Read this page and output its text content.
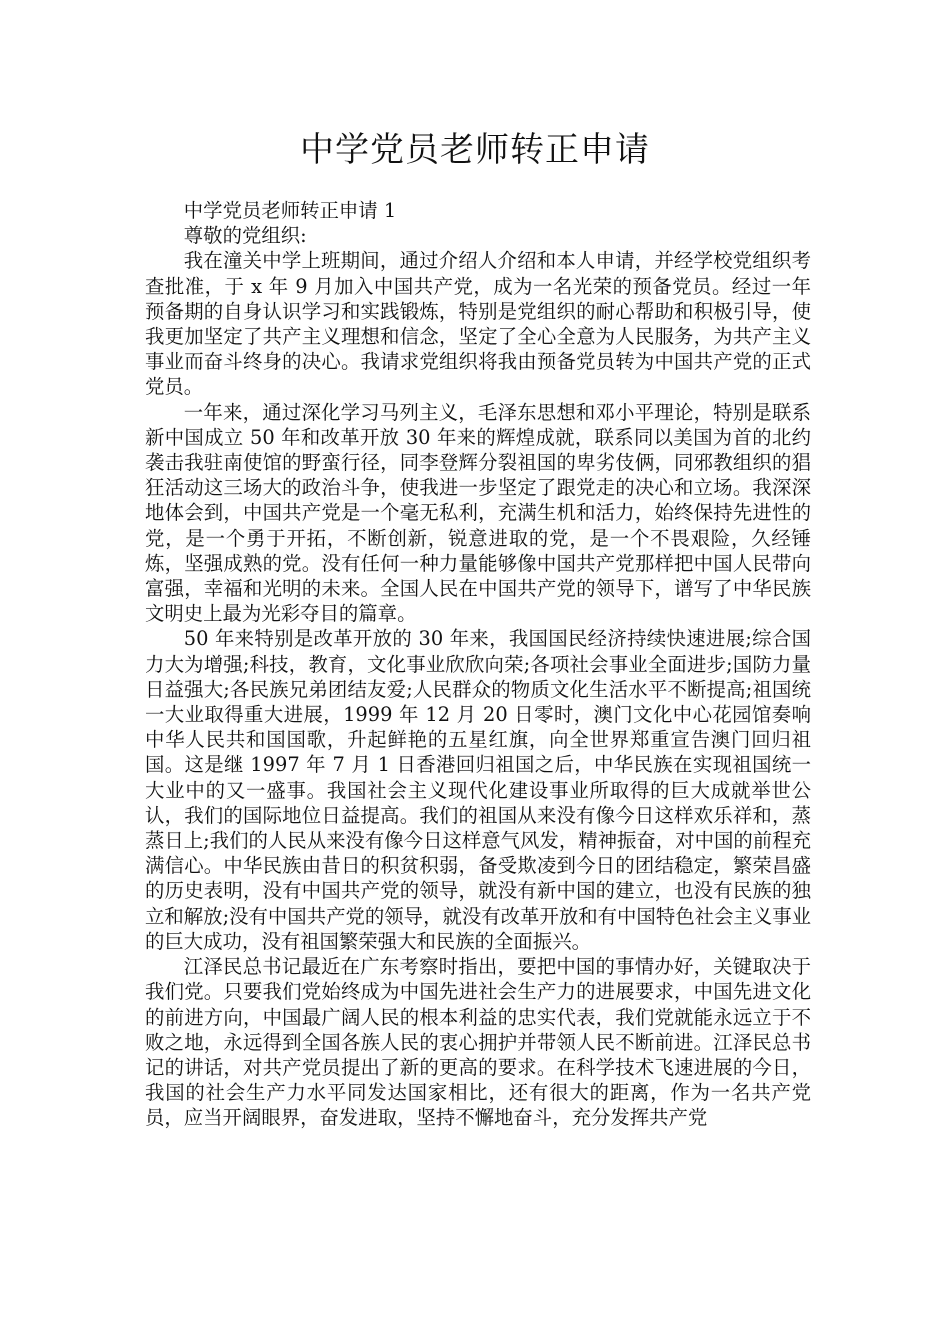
中学党员老师转正申请

中学党员老师转正申请 1

尊敬的党组织:

我在潼关中学上班期间，通过介绍人介绍和本人申请，并经学校党组织考查批准，于 x 年 9 月加入中国共产党，成为一名光荣的预备党员。经过一年预备期的自身认识学习和实践锻炼，特别是党组织的耐心帮助和积极引导，使我更加坚定了共产主义理想和信念，坚定了全心全意为人民服务，为共产主义事业而奋斗终身的决心。我请求党组织将我由预备党员转为中国共产党的正式党员。

一年来，通过深化学习马列主义，毛泽东思想和邓小平理论，特别是联系新中国成立 50 年和改革开放 30 年来的辉煌成就，联系同以美国为首的北约袭击我驻南使馆的野蛮行径，同李登辉分裂祖国的卑劣伎俩，同邪教组织的猖狂活动这三场大的政治斗争，使我进一步坚定了跟党走的决心和立场。我深深地体会到，中国共产党是一个毫无私利，充满生机和活力，始终保持先进性的党，是一个勇于开拓，不断创新，锐意进取的党，是一个不畏艰险，久经锤炼，坚强成熟的党。没有任何一种力量能够像中国共产党那样把中国人民带向富强，幸福和光明的未来。全国人民在中国共产党的领导下，谱写了中华民族文明史上最为光彩夺目的篇章。

50 年来特别是改革开放的 30 年来，我国国民经济持续快速进展;综合国力大为增强;科技，教育，文化事业欣欣向荣;各项社会事业全面进步;国防力量日益强大;各民族兄弟团结友爱;人民群众的物质文化生活水平不断提高;祖国统一大业取得重大进展，1999 年 12 月 20 日零时，澳门文化中心花园馆奏响中华人民共和国国歌，升起鲜艳的五星红旗，向全世界郑重宣告澳门回归祖国。这是继 1997 年 7 月 1 日香港回归祖国之后，中华民族在实现祖国统一大业中的又一盛事。我国社会主义现代化建设事业所取得的巨大成就举世公认，我们的国际地位日益提高。我们的祖国从来没有像今日这样欢乐祥和，蒸蒸日上;我们的人民从来没有像今日这样意气风发，精神振奋，对中国的前程充满信心。中华民族由昔日的积贫积弱，备受欺凌到今日的团结稳定，繁荣昌盛的历史表明，没有中国共产党的领导，就没有新中国的建立，也没有民族的独立和解放;没有中国共产党的领导，就没有改革开放和有中国特色社会主义事业的巨大成功，没有祖国繁荣强大和民族的全面振兴。

江泽民总书记最近在广东考察时指出，要把中国的事情办好，关键取决于我们党。只要我们党始终成为中国先进社会生产力的进展要求，中国先进文化的前进方向，中国最广阔人民的根本利益的忠实代表，我们党就能永远立于不败之地，永远得到全国各族人民的衷心拥护并带领人民不断前进。江泽民总书记的讲话，对共产党员提出了新的更高的要求。在科学技术飞速进展的今日，我国的社会生产力水平同发达国家相比，还有很大的距离，作为一名共产党员，应当开阔眼界，奋发进取，坚持不懈地奋斗，充分发挥共产党
